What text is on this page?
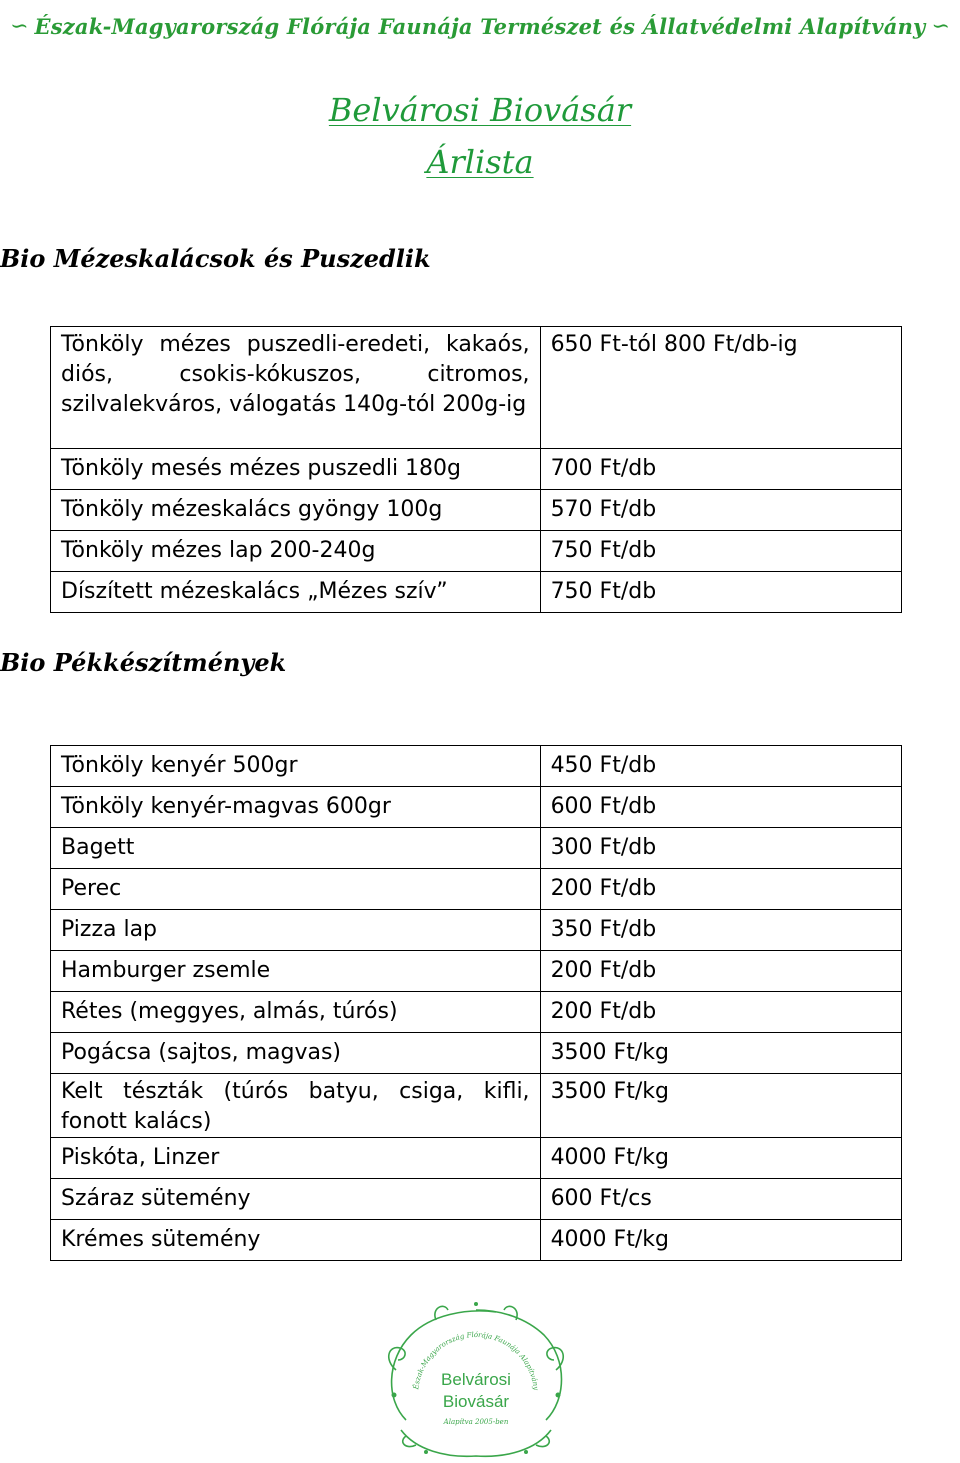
∽ Észak-Magyarország Flórája Faunája Természet és Állatvédelmi Alapítvány ∽
Belvárosi Biovásár
Árlista
Bio Mézeskalácsok és Puszedlik
Tönköly mézes puszedli-eredeti, kakaós, diós, csokis-kókuszos, citromos, szilvalekváros, válogatás 140g-tól 200g-ig	650 Ft-tól 800 Ft/db-ig
Tönköly mesés mézes puszedli 180g	700 Ft/db
Tönköly mézeskalács gyöngy 100g	570 Ft/db
Tönköly mézes lap 200-240g	750 Ft/db
Díszített mézeskalács „Mézes szív”	750 Ft/db
Bio Pékkészítmények
Tönköly kenyér 500gr	450 Ft/db
Tönköly kenyér-magvas 600gr	600 Ft/db
Bagett	300 Ft/db
Perec	200 Ft/db
Pizza lap	350 Ft/db
Hamburger zsemle	200 Ft/db
Rétes (meggyes, almás, túrós)	200 Ft/db
Pogácsa (sajtos, magvas)	3500 Ft/kg
Kelt tészták (túrós batyu, csiga, kifli, fonott kalács)	3500 Ft/kg
Piskóta, Linzer	4000 Ft/kg
Száraz sütemény	600 Ft/cs
Krémes sütemény	4000 Ft/kg
Észak-Magyarország Flórája Faunája Alapítvány
Belvárosi
Biovásár
Alapítva 2005-ben
